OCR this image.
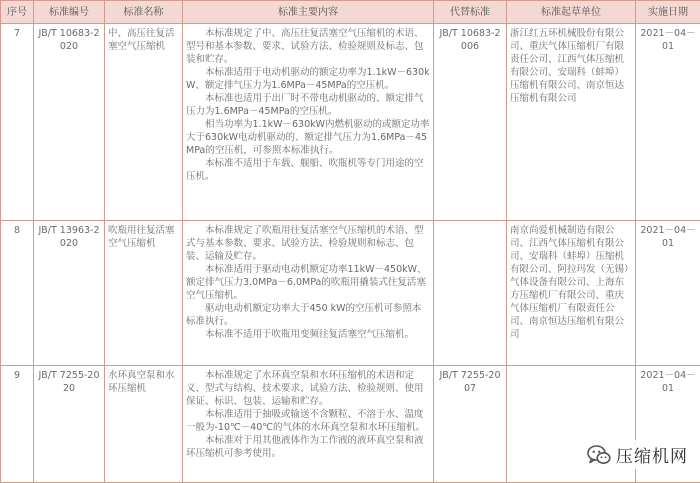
序号	标准编号	标准名称	标准主要内容	代替标准	标准起草单位	实施日期
7	JB/T 10683-2020	中、高压往复活塞空气压缩机	本标准规定了中、高压往复活塞空气压缩机的术语、型号和基本参数、要求、试验方法、检验规则及标志、包装和贮存。

本标准适用于电动机驱动的额定功率为1.1kW－630kW、额定排气压力为1.6MPa－45MPa的空压机。

本标准也适用于出厂时不带电动机驱动的、额定排气压力为1.6MPa－45MPa的空压机。

相当功率为1.1kW－630kW内燃机驱动的或额定功率大于630kW电动机驱动的、额定排气压力为1.6MPa－45MPa的空压机，可参照本标准执行。

本标准不适用于车载、舰船、吹瓶机等专门用途的空压机。	JB/T 10683-2006	浙江红五环机械股份有限公司、重庆气体压缩机厂有限责任公司、江西气体压缩机有限公司、安瑞科（蚌埠）压缩机有限公司、南京恒达压缩机有限公司	2021－04－01
8	JB/T 13963-2020	吹瓶用往复活塞空气压缩机	本标准规定了吹瓶用往复活塞空气压缩机的术语、型式与基本参数、要求、试验方法、检验规则和标志、包装、运输及贮存。

本标准适用于驱动电动机额定功率11kW－450kW、额定排气压力3.0MPa－6.0MPa的吹瓶用撬装式往复活塞空气压缩机。

驱动电动机额定功率大于450 kW的空压机可参照本标准执行。

本标准不适用于吹瓶用变频往复活塞空气压缩机。		南京尚爱机械制造有限公司、江西气体压缩机有限公司、安瑞科（蚌埠）压缩机有限公司、阿拉玛发（无锡）气体设备有限公司、上海东方压缩机厂有限公司、重庆气体压缩机厂有限责任公司、南京恒达压缩机有限公司	2021－04－01
9	JB/T 7255-2020	水环真空泵和水环压缩机	本标准规定了水环真空泵和水环压缩机的术语和定义、型式与结构、技术要求、试验方法、检验规则、使用保证、标识、包装、运输和贮存。

本标准适用于抽吸或输送不含颗粒、不溶于水、温度一般为-10℃－40℃的气体的水环真空泵和水环压缩机。

本标准对于用其他液体作为工作液的液环真空泵和液环压缩机可参考使用。	JB/T 7255-2007		2021－04－01
压缩机网
